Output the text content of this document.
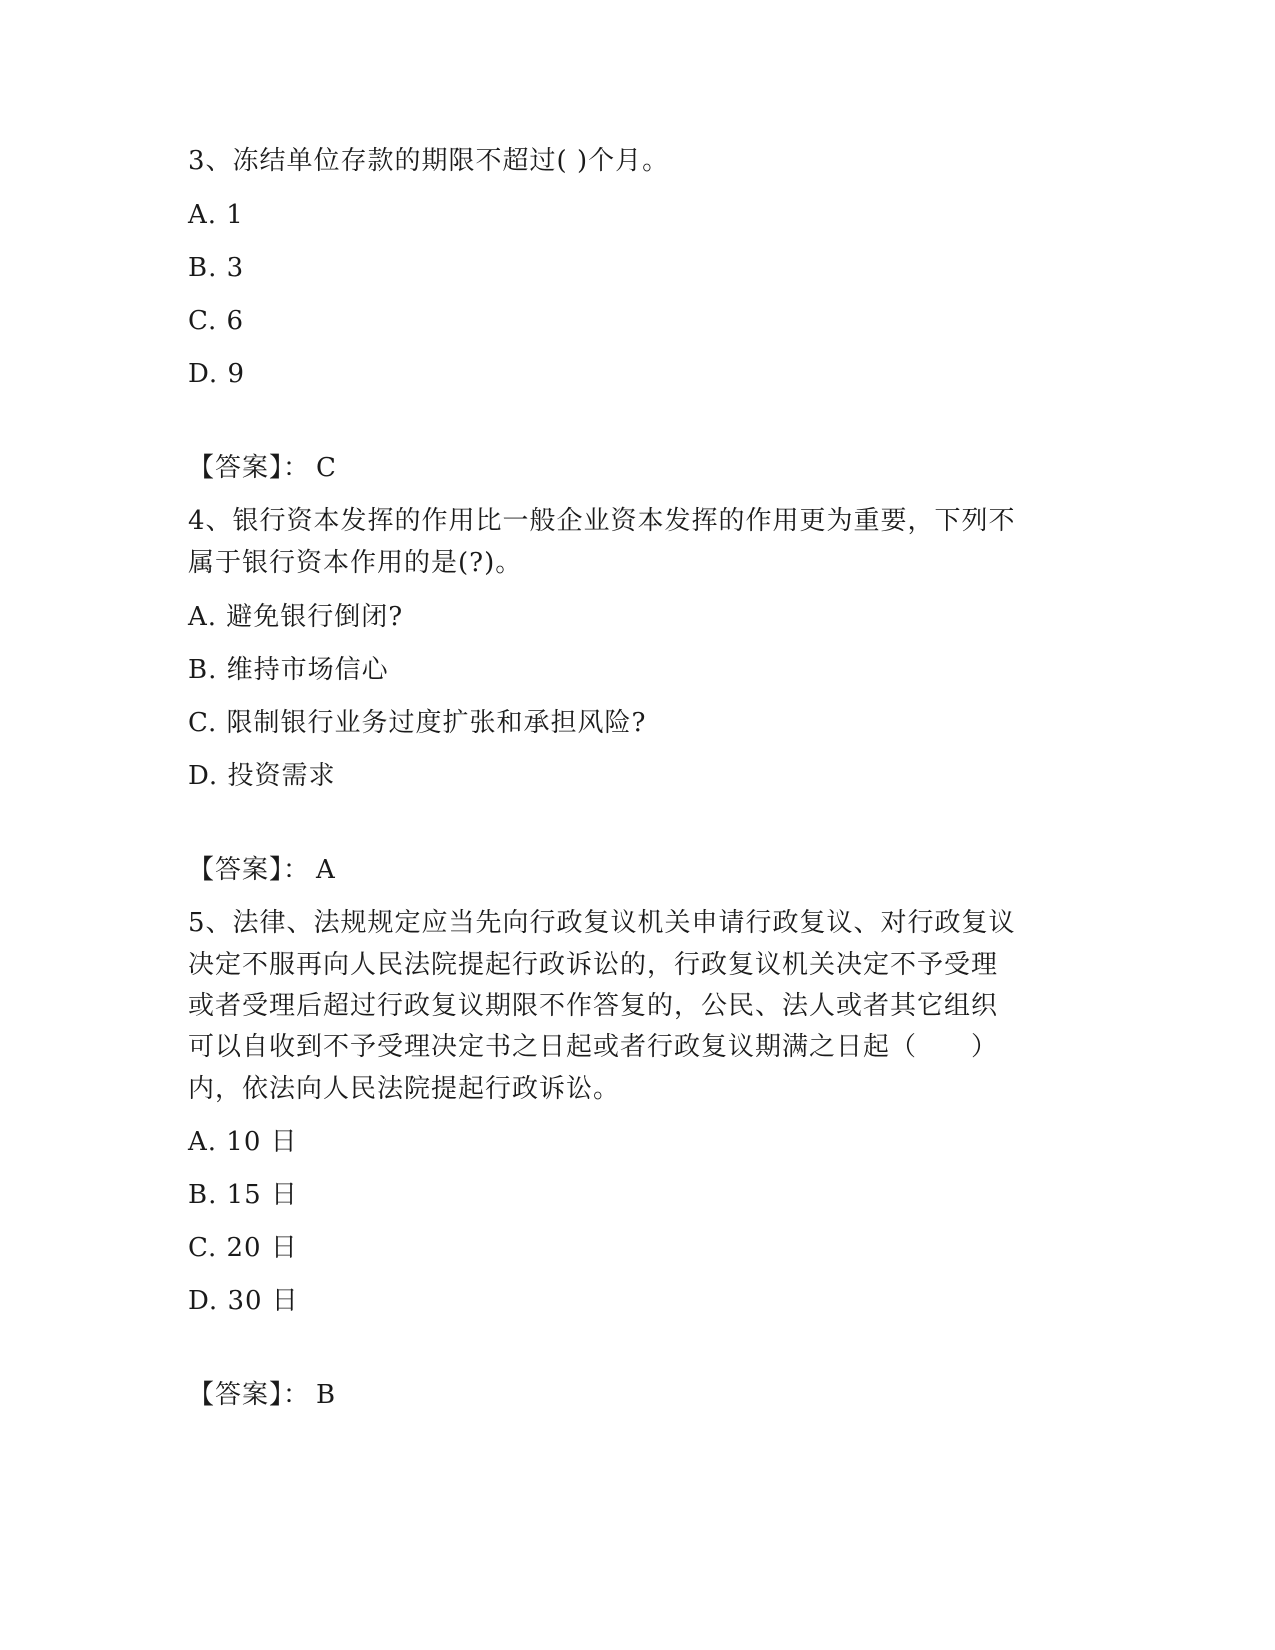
3、冻结单位存款的期限不超过( )个月。
A. 1
B. 3
C. 6
D. 9
【答案】： C
4、银行资本发挥的作用比一般企业资本发挥的作用更为重要，下列不
属于银行资本作用的是(?)。
A. 避免银行倒闭?
B. 维持市场信心
C. 限制银行业务过度扩张和承担风险?
D. 投资需求
【答案】： A
5、法律、法规规定应当先向行政复议机关申请行政复议、对行政复议
决定不服再向人民法院提起行政诉讼的，行政复议机关决定不予受理
或者受理后超过行政复议期限不作答复的，公民、法人或者其它组织
可以自收到不予受理决定书之日起或者行政复议期满之日起（　　）
内，依法向人民法院提起行政诉讼。
A. 10 日
B. 15 日
C. 20 日
D. 30 日
【答案】： B
